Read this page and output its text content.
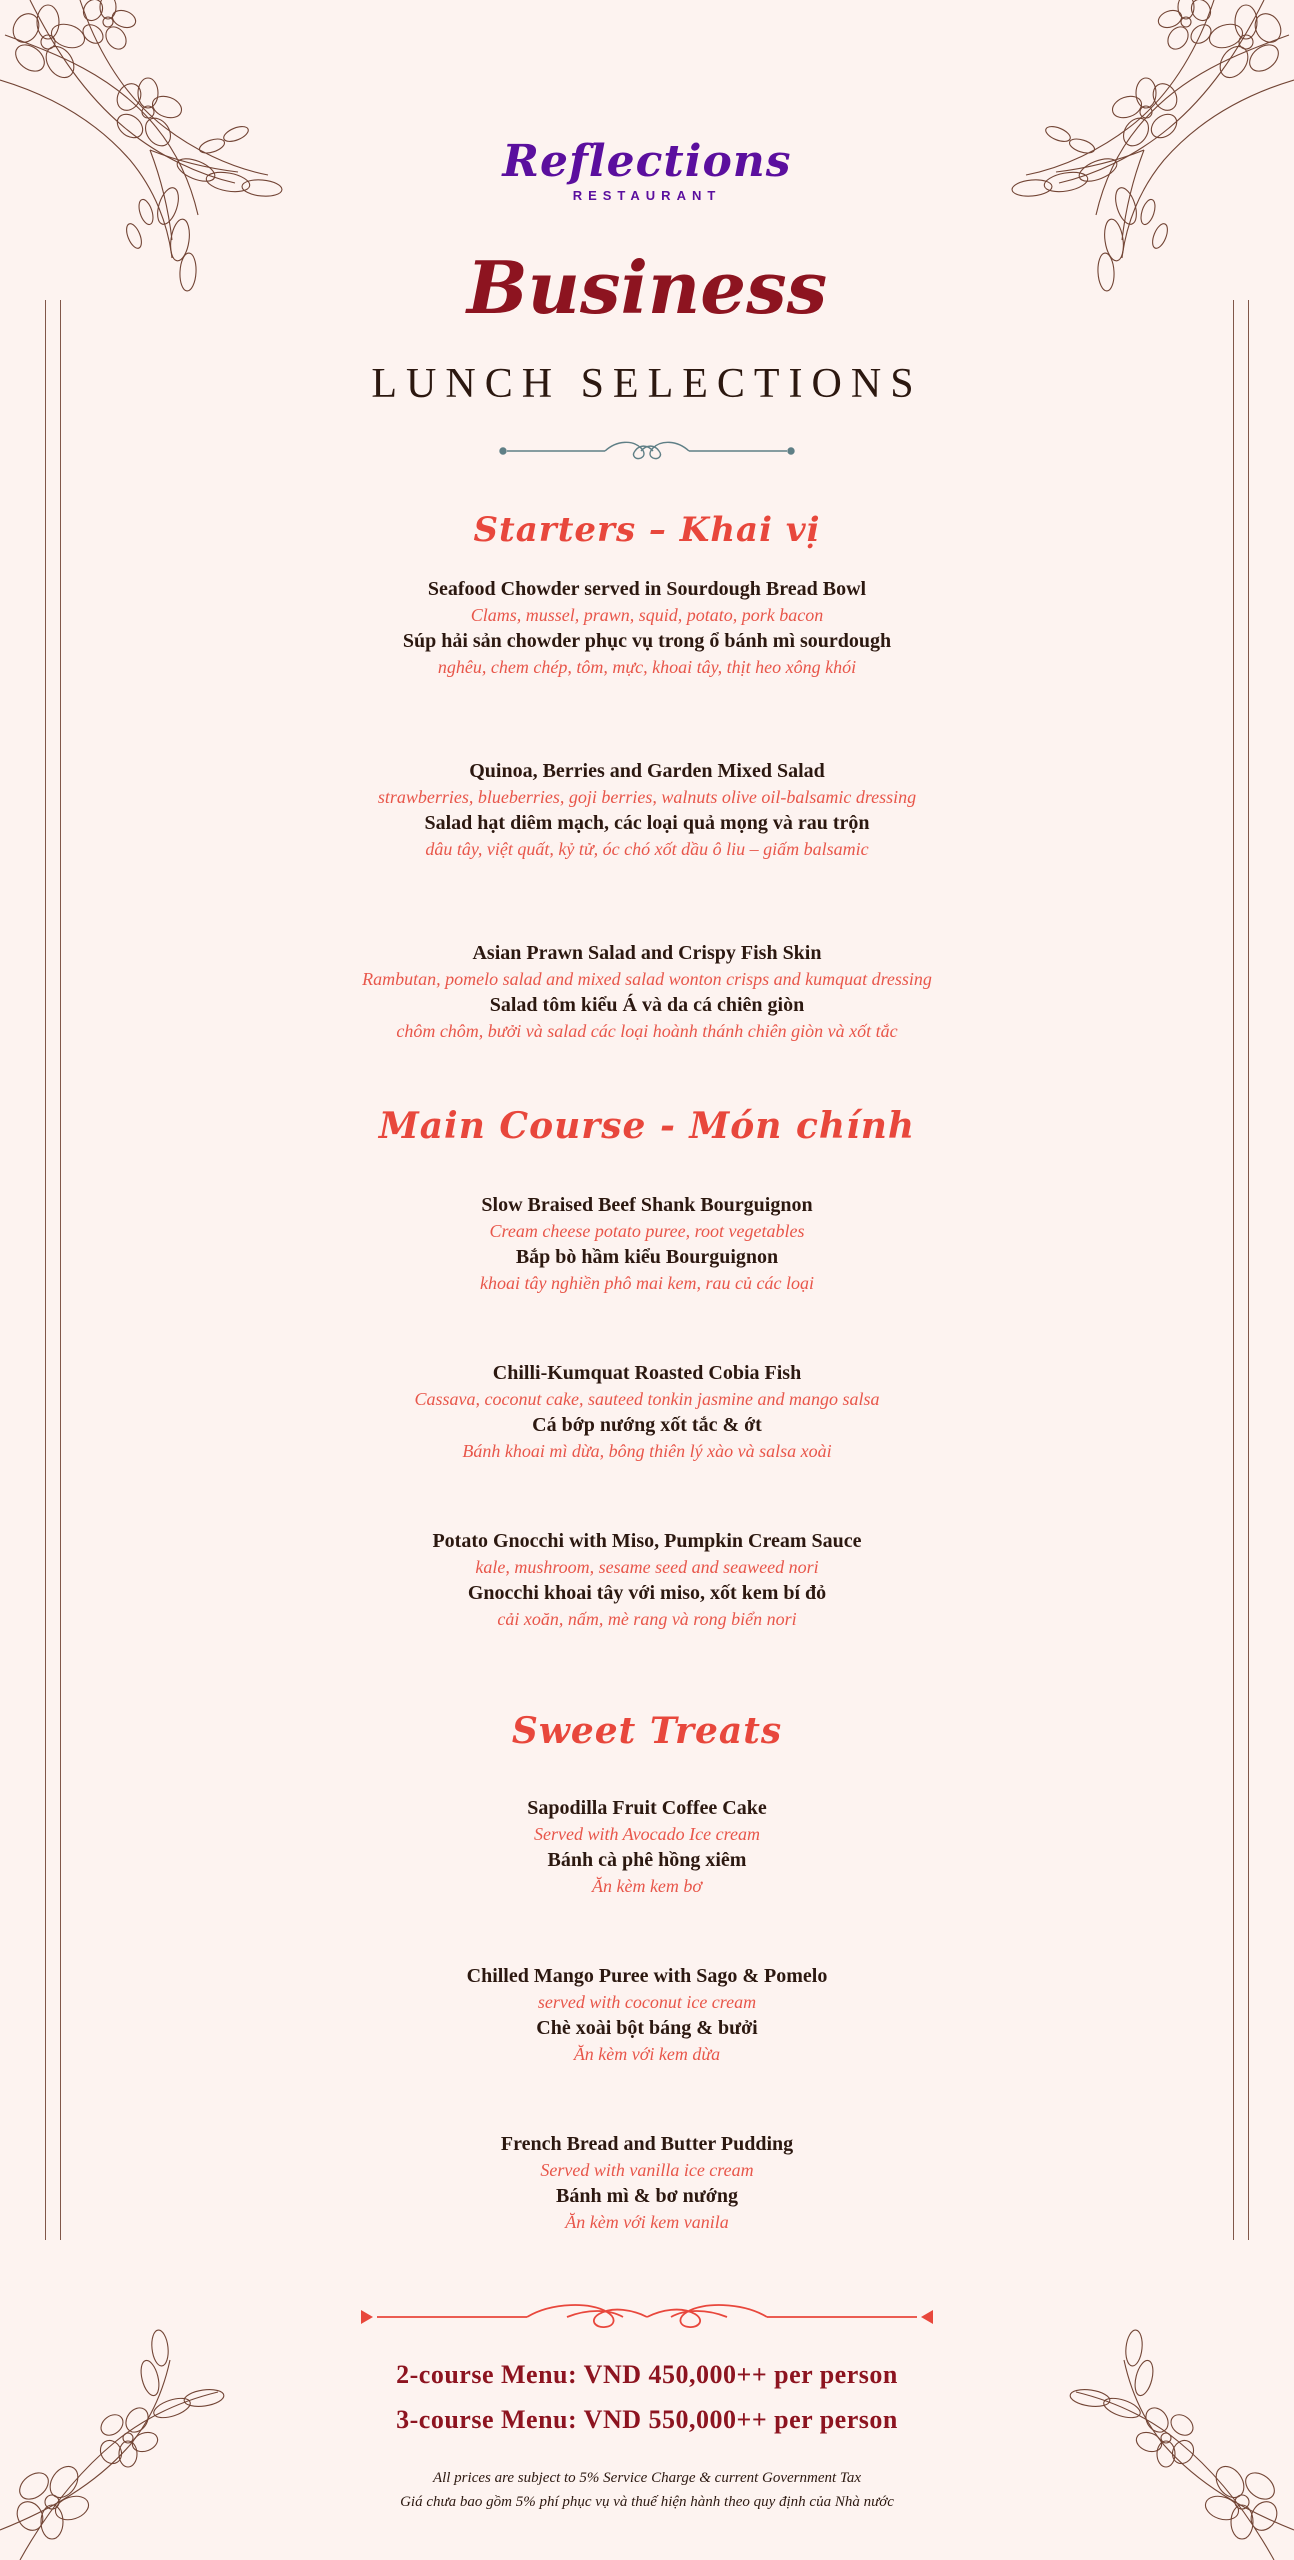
Reflections
RESTAURANT
Business
LUNCH SELECTIONS
Starters – Khai vị
Seafood Chowder served in Sourdough Bread Bowl
Clams, mussel, prawn, squid, potato, pork bacon
Súp hải sản chowder phục vụ trong ổ bánh mì sourdough
nghêu, chem chép, tôm, mực, khoai tây, thịt heo xông khói
Quinoa, Berries and Garden Mixed Salad
strawberries, blueberries, goji berries, walnuts olive oil-balsamic dressing
Salad hạt diêm mạch, các loại quả mọng và rau trộn
dâu tây, việt quất, kỷ tử, óc chó xốt dầu ô liu – giấm balsamic
Asian Prawn Salad and Crispy Fish Skin
Rambutan, pomelo salad and mixed salad wonton crisps and kumquat dressing
Salad tôm kiểu Á và da cá chiên giòn
chôm chôm, bưởi và salad các loại hoành thánh chiên giòn và xốt tắc
Main Course - Món chính
Slow Braised Beef Shank Bourguignon
Cream cheese potato puree, root vegetables
Bắp bò hầm kiểu Bourguignon
khoai tây nghiền phô mai kem, rau củ các loại
Chilli-Kumquat Roasted Cobia Fish
Cassava, coconut cake, sauteed tonkin jasmine and mango salsa
Cá bớp nướng xốt tắc & ớt
Bánh khoai mì dừa, bông thiên lý xào và salsa xoài
Potato Gnocchi with Miso, Pumpkin Cream Sauce
kale, mushroom, sesame seed and seaweed nori
Gnocchi khoai tây với miso, xốt kem bí đỏ
cải xoăn, nấm, mè rang và rong biển nori
Sweet Treats
Sapodilla Fruit Coffee Cake
Served with Avocado Ice cream
Bánh cà phê hồng xiêm
Ăn kèm kem bơ
Chilled Mango Puree with Sago & Pomelo
served with coconut ice cream
Chè xoài bột báng & bưởi
Ăn kèm với kem dừa
French Bread and Butter Pudding
Served with vanilla ice cream
Bánh mì & bơ nướng
Ăn kèm với kem vanila
2-course Menu: VND 450,000++ per person
3-course Menu: VND 550,000++ per person
All prices are subject to 5% Service Charge & current Government Tax
Giá chưa bao gồm 5% phí phục vụ và thuế hiện hành theo quy định của Nhà nước
